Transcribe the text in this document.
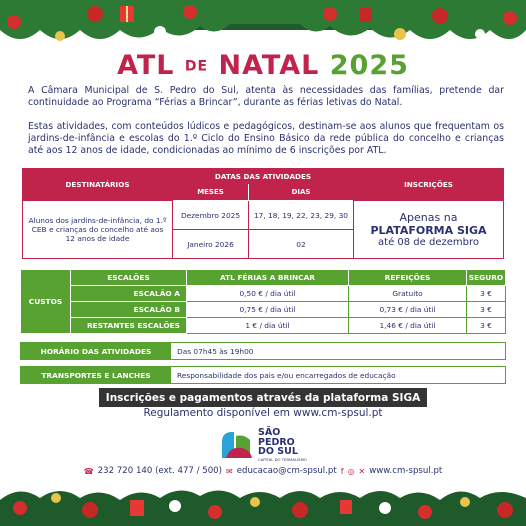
ATL DE NATAL 2025

A Câmara Municipal de S. Pedro do Sul, atenta às necessidades das famílias, pretende dar continuidade ao Programa “Férias a Brincar”, durante as férias letivas do Natal.

Estas atividades, com conteúdos lúdicos e pedagógicos, destinam-se aos alunos que frequentam os jardins-de-infância e escolas do 1.º Ciclo do Ensino Básico da rede pública do concelho e crianças até aos 12 anos de idade, condicionadas ao mínimo de 6 inscrições por ATL.

DESTINATÁRIOS	DATAS DAS ATIVIDADES		INSCRIÇÕES
	MESES	DIAS	
Alunos dos jardins-de-infância, do 1.º CEB e crianças do concelho até aos 12 anos de idade	Dezembro 2025	17, 18, 19, 22, 23, 29, 30	Apenas na
PLATAFORMA SIGA
até 08 de dezembro

	Janeiro 2026	02	
CUSTOS	ESCALÕES	ATL FÉRIAS A BRINCAR	REFEIÇÕES	SEGURO
	ESCALÃO A	0,50 € / dia útil	Gratuito	3 €
	ESCALÃO B	0,75 € / dia útil	0,73 € / dia útil	3 €
	RESTANTES ESCALÕES	1 € / dia útil	1,46 € / dia útil	3 €
HORÁRIO DAS ATIVIDADES	Das 07h45 às 19h00
TRANSPORTES E LANCHES	Responsabilidade dos pais e/ou encarregados de educação
Inscrições e pagamentos através da plataforma SIGA
Regulamento disponível em www.cm-spsul.pt
SÃO
PEDRO
DO SUL
CAPITAL DO TERMALISMO
☎ 232 720 140 (ext. 477 / 500) ✉ educacao@cm-spsul.pt f ◎ ✕ www.cm-spsul.pt
